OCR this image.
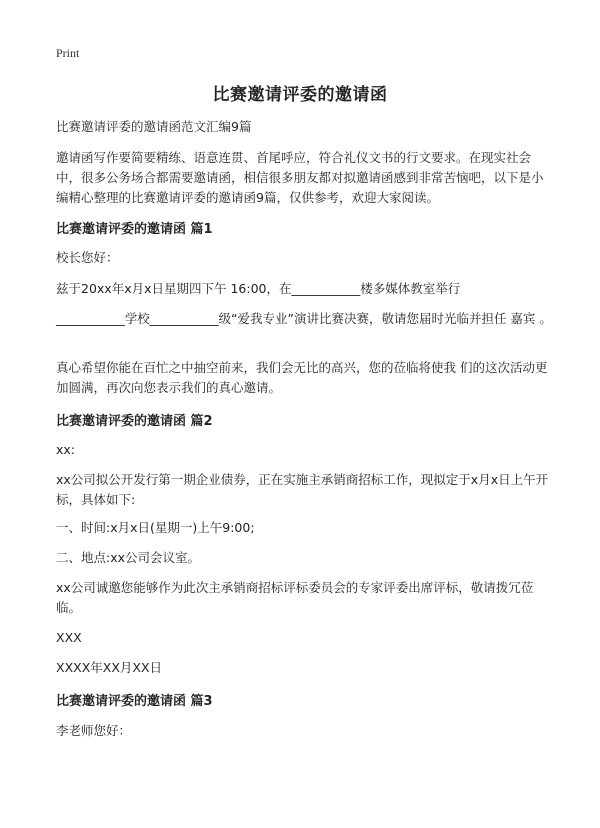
Print
比赛邀请评委的邀请函
比赛邀请评委的邀请函范文汇编9篇
邀请函写作要简要精练、语意连贯、首尾呼应，符合礼仪文书的行文要求。在现实社会中，很多公务场合都需要邀请函，相信很多朋友都对拟邀请函感到非常苦恼吧，以下是小编精心整理的比赛邀请评委的邀请函9篇，仅供参考，欢迎大家阅读。
比赛邀请评委的邀请函 篇1
校长您好：
兹于20xx年x月x日星期四下午 16:00，在___________楼多媒体教室举行
___________学校___________级“爱我专业”演讲比赛决赛，敬请您届时光临并担任 嘉宾 。
真心希望你能在百忙之中抽空前来，我们会无比的高兴，您的莅临将使我 们的这次活动更加圆满，再次向您表示我们的真心邀请。
比赛邀请评委的邀请函 篇2
xx:
xx公司拟公开发行第一期企业债券，正在实施主承销商招标工作，现拟定于x月x日上午开标，具体如下:
一、时间:x月x日(星期一)上午9:00;
二、地点:xx公司会议室。
xx公司诚邀您能够作为此次主承销商招标评标委员会的专家评委出席评标，敬请拨冗莅临。
XXX
XXXX年XX月XX日
比赛邀请评委的邀请函 篇3
李老师您好：
